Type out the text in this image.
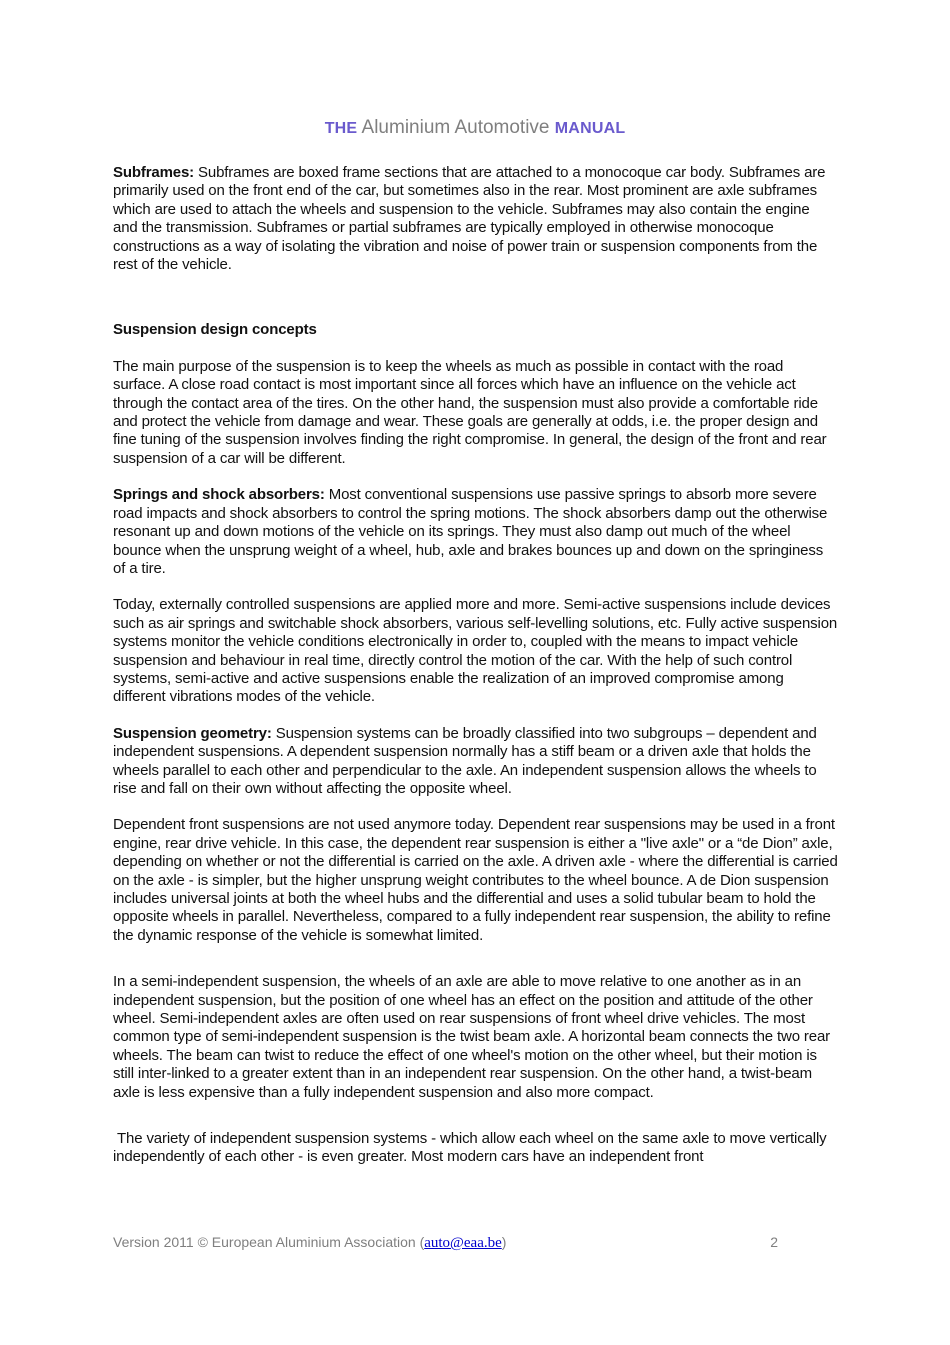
THE Aluminium Automotive MANUAL

Subframes: Subframes are boxed frame sections that are attached to a monocoque car body. Subframes are primarily used on the front end of the car, but sometimes also in the rear. Most prominent are axle subframes which are used to attach the wheels and suspension to the vehicle. Subframes may also contain the engine and the transmission. Subframes or partial subframes are typically employed in otherwise monocoque constructions as a way of isolating the vibration and noise of power train or suspension components from the rest of the vehicle.

Suspension design concepts

The main purpose of the suspension is to keep the wheels as much as possible in contact with the road surface. A close road contact is most important since all forces which have an influence on the vehicle act through the contact area of the tires. On the other hand, the suspension must also provide a comfortable ride and protect the vehicle from damage and wear. These goals are generally at odds, i.e. the proper design and fine tuning of the suspension involves finding the right compromise. In general, the design of the front and rear suspension of a car will be different.

Springs and shock absorbers: Most conventional suspensions use passive springs to absorb more severe road impacts and shock absorbers to control the spring motions. The shock absorbers damp out the otherwise resonant up and down motions of the vehicle on its springs. They must also damp out much of the wheel bounce when the unsprung weight of a wheel, hub, axle and brakes bounces up and down on the springiness of a tire.

Today, externally controlled suspensions are applied more and more. Semi-active suspensions include devices such as air springs and switchable shock absorbers, various self-levelling solutions, etc. Fully active suspension systems monitor the vehicle conditions electronically in order to, coupled with the means to impact vehicle suspension and behaviour in real time, directly control the motion of the car. With the help of such control systems, semi-active and active suspensions enable the realization of an improved compromise among different vibrations modes of the vehicle.

Suspension geometry: Suspension systems can be broadly classified into two subgroups – dependent and independent suspensions. A dependent suspension normally has a stiff beam or a driven axle that holds the wheels parallel to each other and perpendicular to the axle. An independent suspension allows the wheels to rise and fall on their own without affecting the opposite wheel.

Dependent front suspensions are not used anymore today. Dependent rear suspensions may be used in a front engine, rear drive vehicle. In this case, the dependent rear suspension is either a "live axle" or a “de Dion” axle, depending on whether or not the differential is carried on the axle. A driven axle - where the differential is carried on the axle - is simpler, but the higher unsprung weight contributes to the wheel bounce. A de Dion suspension includes universal joints at both the wheel hubs and the differential and uses a solid tubular beam to hold the opposite wheels in parallel. Nevertheless, compared to a fully independent rear suspension, the ability to refine the dynamic response of the vehicle is somewhat limited.

In a semi-independent suspension, the wheels of an axle are able to move relative to one another as in an independent suspension, but the position of one wheel has an effect on the position and attitude of the other wheel. Semi-independent axles are often used on rear suspensions of front wheel drive vehicles. The most common type of semi-independent suspension is the twist beam axle. A horizontal beam connects the two rear wheels. The beam can twist to reduce the effect of one wheel's motion on the other wheel, but their motion is still inter-linked to a greater extent than in an independent rear suspension. On the other hand, a twist-beam axle is less expensive than a fully independent suspension and also more compact.

The variety of independent suspension systems - which allow each wheel on the same axle to move vertically independently of each other - is even greater. Most modern cars have an independent front

Version 2011 © European Aluminium Association (auto@eaa.be)	2
